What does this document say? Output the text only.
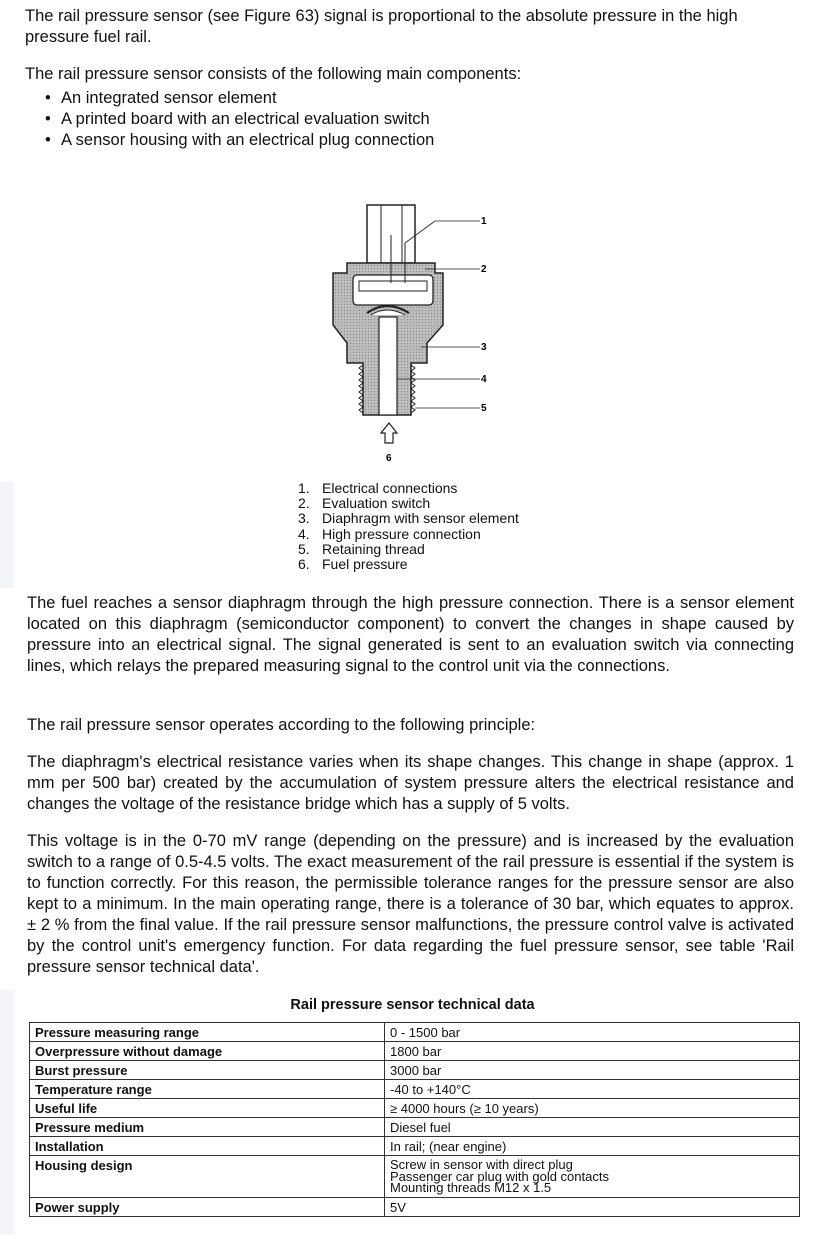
The rail pressure sensor (see Figure 63) signal is proportional to the absolute pressure in the high pressure fuel rail.

The rail pressure sensor consists of the following main components:

• An integrated sensor element
• A printed board with an electrical evaluation switch
• A sensor housing with an electrical plug connection
1
2
3
4
5
6
1. Electrical connections
2. Evaluation switch
3. Diaphragm with sensor element
4. High pressure connection
5. Retaining thread
6. Fuel pressure

The fuel reaches a sensor diaphragm through the high pressure connection. There is a sensor element located on this diaphragm (semiconductor component) to convert the changes in shape caused by pressure into an electrical signal. The signal generated is sent to an evaluation switch via connecting lines, which relays the prepared measuring signal to the control unit via the connections.

The rail pressure sensor operates according to the following principle:

The diaphragm's electrical resistance varies when its shape changes. This change in shape (approx. 1 mm per 500 bar) created by the accumulation of system pressure alters the electrical resistance and changes the voltage of the resistance bridge which has a supply of 5 volts.

This voltage is in the 0-70 mV range (depending on the pressure) and is increased by the evaluation switch to a range of 0.5-4.5 volts. The exact measurement of the rail pressure is essential if the system is to function correctly. For this reason, the permissible tolerance ranges for the pressure sensor are also kept to a minimum. In the main operating range, there is a tolerance of 30 bar, which equates to approx. ± 2 % from the final value. If the rail pressure sensor malfunctions, the pressure control valve is activated by the control unit's emergency function. For data regarding the fuel pressure sensor, see table 'Rail pressure sensor technical data'.

Rail pressure sensor technical data
Pressure measuring range	0 - 1500 bar
Overpressure without damage	1800 bar
Burst pressure	3000 bar
Temperature range	-40 to +140°C
Useful life	≥ 4000 hours (≥ 10 years)
Pressure medium	Diesel fuel
Installation	In rail; (near engine)
Housing design	Screw in sensor with direct plug
Passenger car plug with gold contacts
Mounting threads M12 x 1.5

Power supply	5V
